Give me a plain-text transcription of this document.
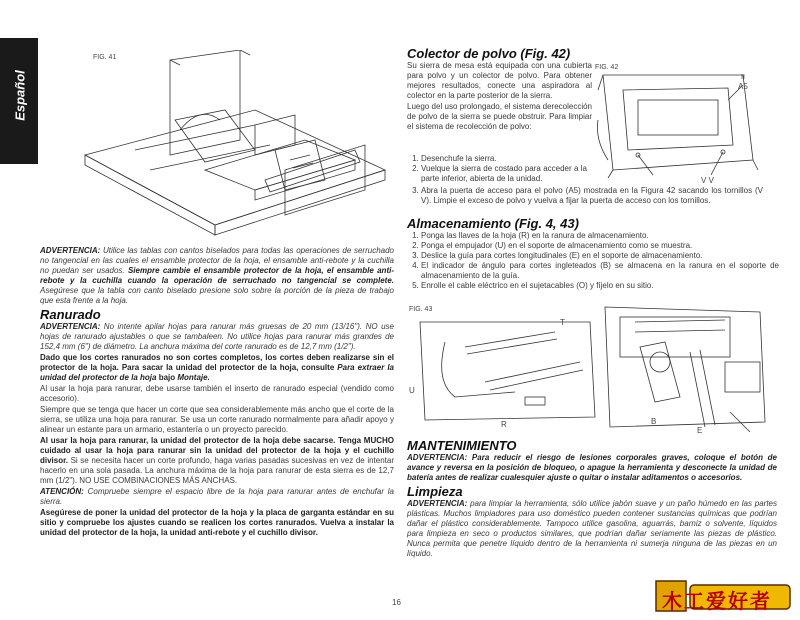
Español
FIG. 41

ADVERTENCIA: Utilice las tablas con cantos biselados para todas las operaciones de serruchado no tangencial en las cuales el ensamble protector de la hoja, el ensamble anti-rebote y la cuchilla no puedan ser usados. Siempre cambie el ensamble protector de la hoja, el ensamble anti-rebote y la cuchilla cuando la operación de serruchado no tangencial se complete. Asegúrese que la tabla con canto biselado presione solo sobre la porción de la pieza de trabajo que esta frente a la hoja.

Ranurado

ADVERTENCIA: No intente apilar hojas para ranurar más gruesas de 20 mm (13/16"). NO use hojas de ranurado ajustables o que se tambaleen. No utilice hojas para ranurar más grandes de 152,4 mm (6") de diámetro. La anchura máxima del corte ranurado es de 12,7 mm (1/2").

Dado que los cortes ranurados no son cortes completos, los cortes deben realizarse sin el protector de la hoja. Para sacar la unidad del protector de la hoja, consulte Para extraer la unidad del protector de la hoja bajo Montaje.

Al usar la hoja para ranurar, debe usarse también el inserto de ranurado especial (vendido como accesorio).

Siempre que se tenga que hacer un corte que sea considerablemente más ancho que el corte de la sierra, se utiliza una hoja para ranurar. Se usa un corte ranurado normalmente para añadir apoyo y alinear un estante para un armario, estantería o un proyecto parecido.

Al usar la hoja para ranurar, la unidad del protector de la hoja debe sacarse. Tenga MUCHO cuidado al usar la hoja para ranurar sin la unidad del protector de la hoja y el cuchillo divisor. Si se necesita hacer un corte profundo, haga varias pasadas sucesivas en vez de intentar hacerlo en una sola pasada. La anchura máxima de la hoja para ranurar de esta sierra es de 12,7 mm (1/2"). NO USE COMBINACIONES MÁS ANCHAS.

ATENCIÓN: Compruebe siempre el espacio libre de la hoja para ranurar antes de enchufar la sierra.

Asegúrese de poner la unidad del protector de la hoja y la placa de garganta estándar en su sitio y compruebe los ajustes cuando se realicen los cortes ranurados. Vuelva a instalar la unidad del protector de la hoja, la unidad anti-rebote y el cuchillo divisor.

Colector de polvo (Fig. 42)

Su sierra de mesa está equipada con una cubierta para polvo y un colector de polvo. Para obtener mejores resultados, conecte una aspiradora al colector en la parte posterior de la sierra.

Luego del uso prolongado, el sistema derecolección de polvo de la sierra se puede obstruir. Para limpiar el sistema de recolección de polvo:

1. Desenchufe la sierra.
2. Vuelque la sierra de costado para acceder a la parte inferior, abierta de la unidad.
3. Abra la puerta de acceso para el polvo (A5) mostrada en la Figura 42 sacando los tornillos (V V). Limpie el exceso de polvo y vuelva a fijar la puerta de acceso con los tornillos.
FIG. 42
II
A5
V V
Almacenamiento (Fig. 4, 43)
1. Ponga las llaves de la hoja (R) en la ranura de almacenamiento.
2. Ponga el empujador (U) en el soporte de almacenamiento como se muestra.
3. Deslice la guía para cortes longitudinales (E) en el soporte de almacenamiento.
4. El indicador de ángulo para cortes ingleteados (B) se almacena en la ranura en el soporte de almacenamiento de la guía.
5. Enrolle el cable eléctrico en el sujetacables (O) y fíjelo en su sitio.
FIG. 43
T
U
R	B
E
MANTENIMIENTO

ADVERTENCIA: Para reducir el riesgo de lesiones corporales graves, coloque el botón de avance y reversa en la posición de bloqueo, o apague la herramienta y desconecte la unidad de batería antes de realizar cualesquier ajuste o quitar o instalar aditamentos o accesorios.

Limpieza

ADVERTENCIA: para limpiar la herramienta, sólo utilice jabón suave y un paño húmedo en las partes plásticas. Muchos limpiadores para uso doméstico pueden contener sustancias químicas que podrían dañar el plástico considerablemente. Tampoco utilice gasolina, aguarrás, barniz o solvente, líquidos para limpieza en seco o productos similares, que podrían dañar seriamente las piezas de plástico. Nunca permita que penetre líquido dentro de la herramienta ni sumerja ninguna de las piezas en un líquido.

16	木工爱好者
